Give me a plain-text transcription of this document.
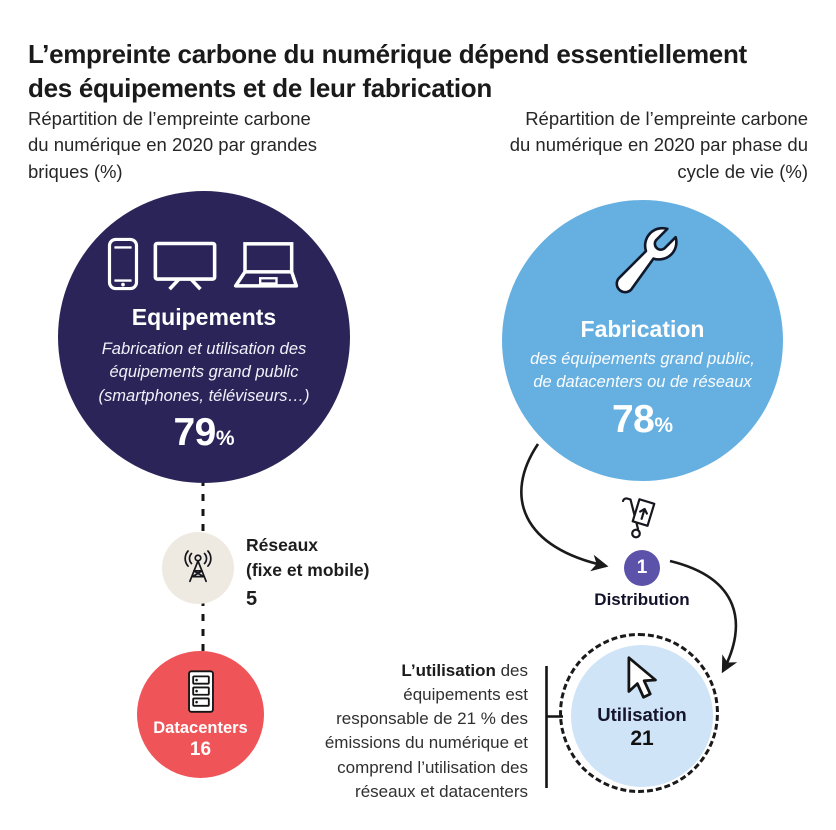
L’empreinte carbone du numérique dépend essentiellement
des équipements et de leur fabrication
Répartition de l’empreinte carbone
du numérique en 2020 par grandes
briques (%)
Répartition de l’empreinte carbone
du numérique en 2020 par phase du
cycle de vie (%)
Equipements
Fabrication et utilisation des
équipements grand public
(smartphones, téléviseurs…)
79%
Réseaux
(fixe et mobile)
5
Datacenters
16
Fabrication
des équipements grand public,
de datacenters ou de réseaux
78%
1
Distribution
Utilisation
21
L’utilisation des
équipements est
responsable de 21 % des
émissions du numérique et
comprend l’utilisation des
réseaux et datacenters
